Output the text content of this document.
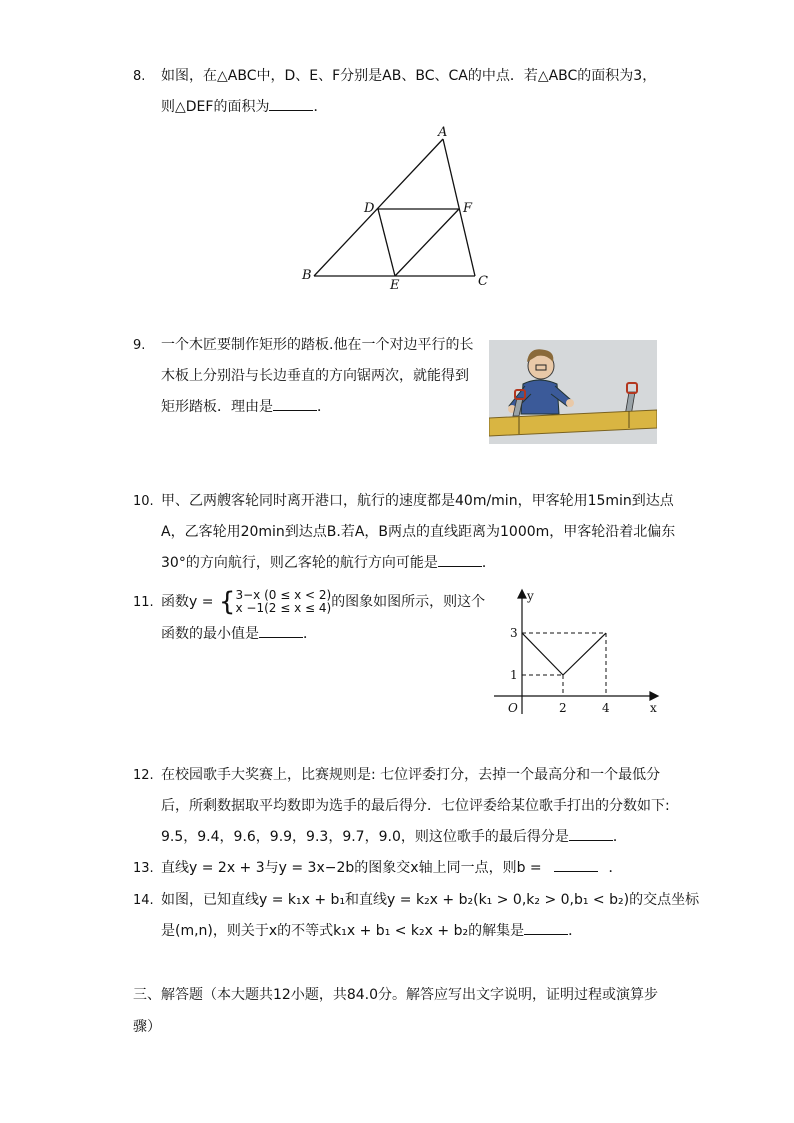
8.	如图，在△ABC中，D、E、F分别是AB、BC、CA的中点．若△ABC的面积为3，
则△DEF的面积为	．
A
B	C
D
E
F
9.	一个木匠要制作矩形的踏板.他在一个对边平行的长
木板上分别沿与长边垂直的方向锯两次，就能得到
矩形踏板．理由是	．
10. 甲、乙两艘客轮同时离开港口，航行的速度都是40m/min，甲客轮用15min到达点
A，乙客轮用20min到达点B.若A，B两点的直线距离为1000m，甲客轮沿着北偏东
30°的方向航行，则乙客轮的航行方向可能是	．
11. 函数y = { 3−x (0 ≤ x < 2)
x −1(2 ≤ x ≤ 4) 的图象如图所示，则这个
函数的最小值是	．
y
x
O	2	4
1
3
12. 在校园歌手大奖赛上，比赛规则是: 七位评委打分，去掉一个最高分和一个最低分
后，所剩数据取平均数即为选手的最后得分．七位评委给某位歌手打出的分数如下:
9.5，9.4，9.6，9.9，9.3，9.7，9.0，则这位歌手的最后得分是	．
13. 直线y = 2x + 3与y = 3x−2b的图象交x轴上同一点，则b =	．
14. 如图，已知直线y = k₁x + b₁和直线y = k₂x + b₂(k₁ > 0,k₂ > 0,b₁ < b₂)的交点坐标
是(m,n)，则关于x的不等式k₁x + b₁ < k₂x + b₂的解集是	．
三、解答题（本大题共12小题，共84.0分。解答应写出文字说明，证明过程或演算步
骤）
